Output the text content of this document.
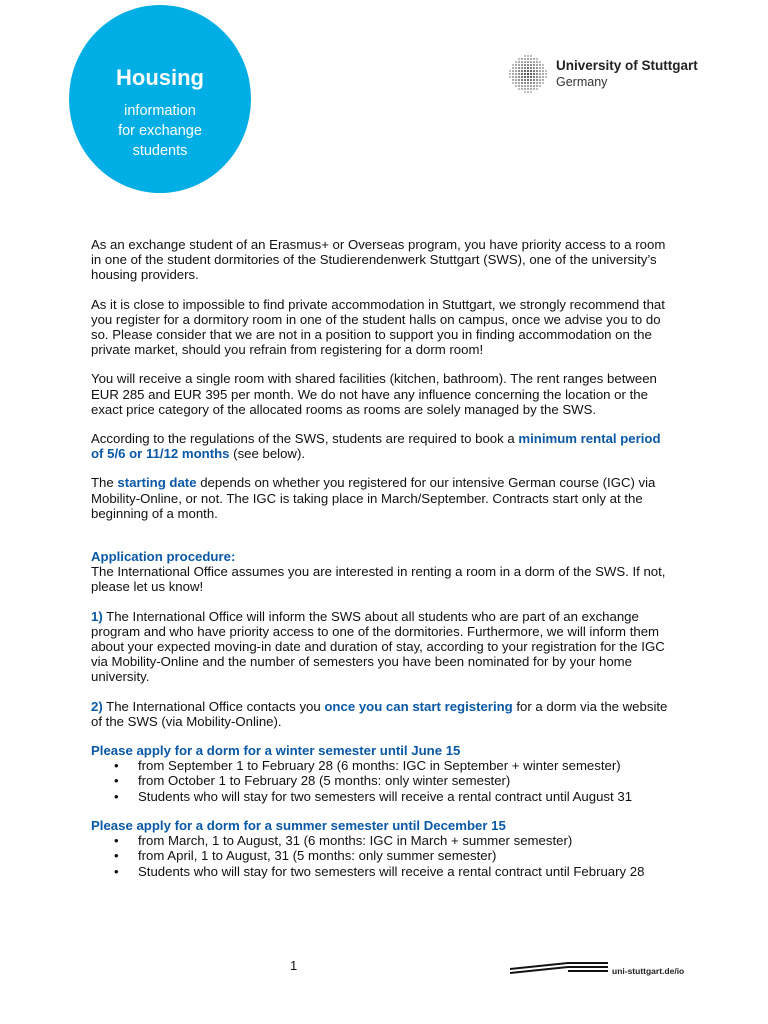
Housing
information
for exchange
students
University of Stuttgart
Germany

As an exchange student of an Erasmus+ or Overseas program, you have priority access to a room in one of the student dormitories of the Studierendenwerk Stuttgart (SWS), one of the university’s housing providers.

As it is close to impossible to find private accommodation in Stuttgart, we strongly recommend that you register for a dormitory room in one of the student halls on campus, once we advise you to do so. Please consider that we are not in a position to support you in finding accommodation on the private market, should you refrain from registering for a dorm room!

You will receive a single room with shared facilities (kitchen, bathroom). The rent ranges between EUR 285 and EUR 395 per month. We do not have any influence concerning the location or the exact price category of the allocated rooms as rooms are solely managed by the SWS.

According to the regulations of the SWS, students are required to book a minimum rental period of 5/6 or 11/12 months (see below).

The starting date depends on whether you registered for our intensive German course (IGC) via Mobility-Online, or not. The IGC is taking place in March/September. Contracts start only at the beginning of a month.

Application procedure:

The International Office assumes you are interested in renting a room in a dorm of the SWS. If not, please let us know!

1) The International Office will inform the SWS about all students who are part of an exchange program and who have priority access to one of the dormitories. Furthermore, we will inform them about your expected moving-in date and duration of stay, according to your registration for the IGC via Mobility-Online and the number of semesters you have been nominated for by your home university.

2) The International Office contacts you once you can start registering for a dorm via the website of the SWS (via Mobility-Online).

Please apply for a dorm for a winter semester until June 15
• from September 1 to February 28 (6 months: IGC in September + winter semester)
• from October 1 to February 28 (5 months: only winter semester)
• Students who will stay for two semesters will receive a rental contract until August 31
Please apply for a dorm for a summer semester until December 15
• from March, 1 to August, 31 (6 months: IGC in March + summer semester)
• from April, 1 to August, 31 (5 months: only summer semester)
• Students who will stay for two semesters will receive a rental contract until February 28
1	uni-stuttgart.de/io
